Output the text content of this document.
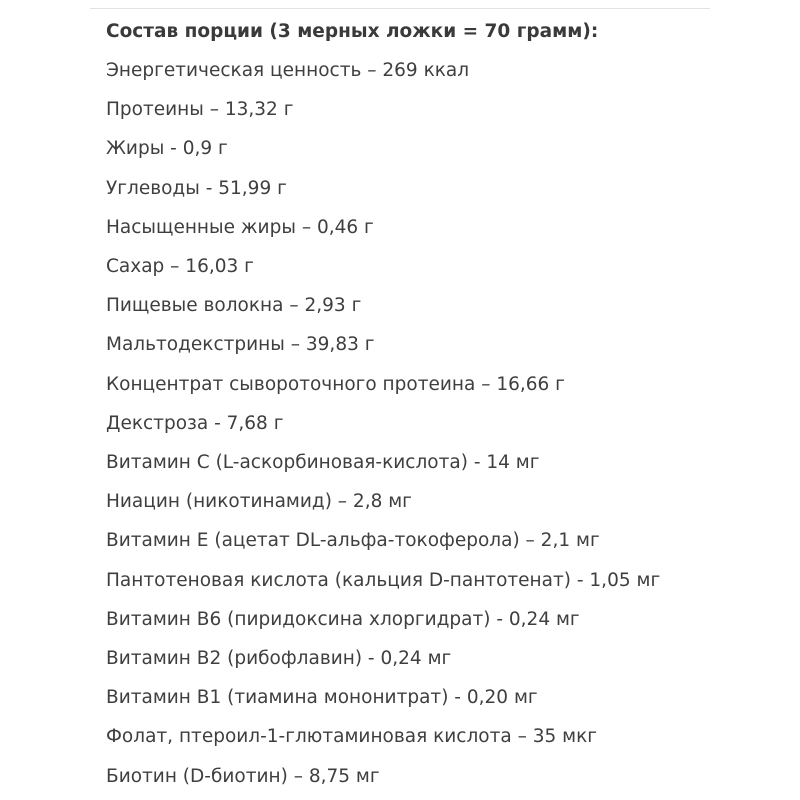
Состав порции (3 мерных ложки = 70 грамм):
Энергетическая ценность – 269 ккал
Протеины – 13,32 г
Жиры - 0,9 г
Углеводы - 51,99 г
Насыщенные жиры – 0,46 г
Сахар – 16,03 г
Пищевые волокна – 2,93 г
Мальтодекстрины – 39,83 г
Концентрат сывороточного протеина – 16,66 г
Декстроза - 7,68 г
Витамин С (L-аскорбиновая-кислота) - 14 мг
Ниацин (никотинамид) – 2,8 мг
Витамин Е (ацетат DL-альфа-токоферола) – 2,1 мг
Пантотеновая кислота (кальция D-пантотенат) - 1,05 мг
Витамин В6 (пиридоксина хлоргидрат) - 0,24 мг
Витамин В2 (рибофлавин) - 0,24 мг
Витамин В1 (тиамина мононитрат) - 0,20 мг
Фолат, птероил-1-глютаминовая кислота – 35 мкг
Биотин (D-биотин) – 8,75 мг
